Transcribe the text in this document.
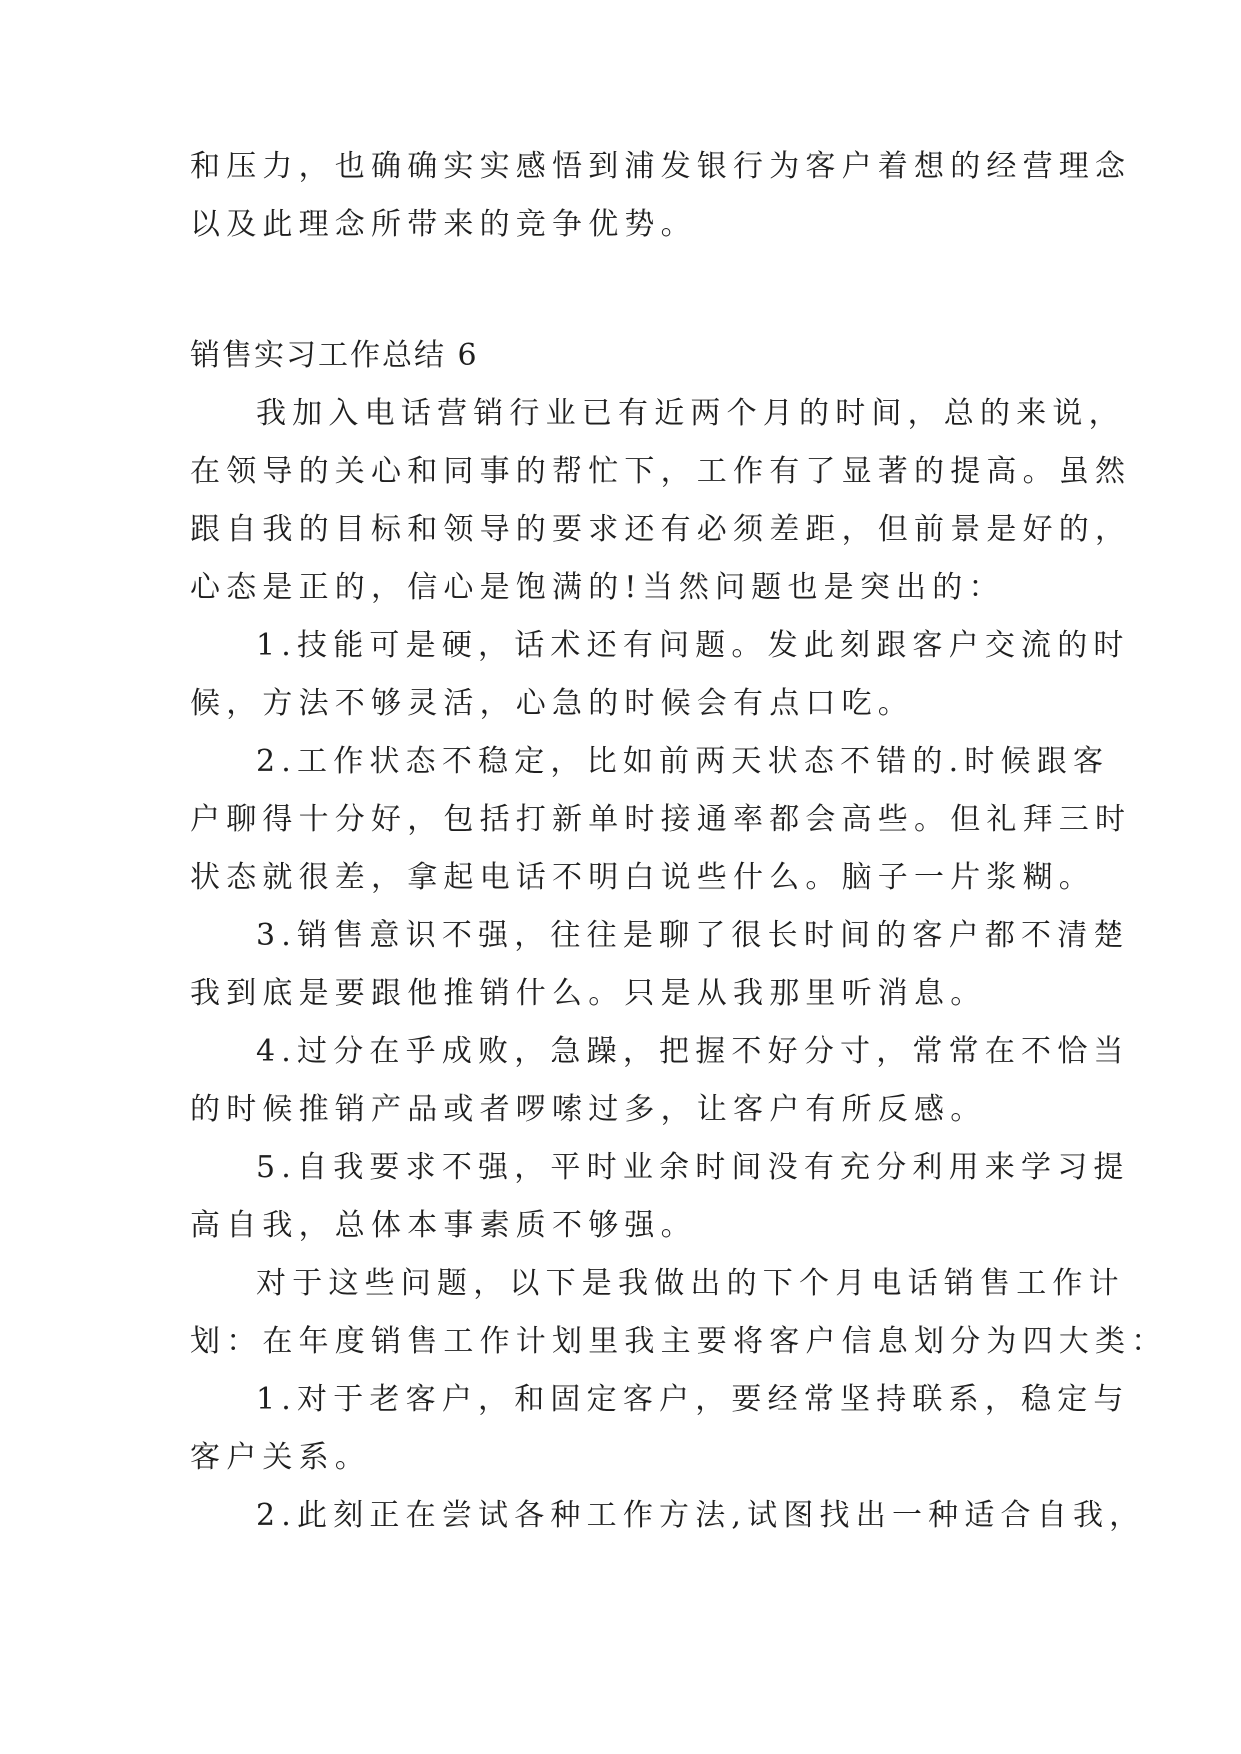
和压力，也确确实实感悟到浦发银行为客户着想的经营理念
以及此理念所带来的竞争优势。
销售实习工作总结 6
我加入电话营销行业已有近两个月的时间，总的来说，
在领导的关心和同事的帮忙下，工作有了显著的提高。虽然
跟自我的目标和领导的要求还有必须差距，但前景是好的，
心态是正的，信心是饱满的!当然问题也是突出的：
1.技能可是硬，话术还有问题。发此刻跟客户交流的时
候，方法不够灵活，心急的时候会有点口吃。
2.工作状态不稳定，比如前两天状态不错的.时候跟客
户聊得十分好，包括打新单时接通率都会高些。但礼拜三时
状态就很差，拿起电话不明白说些什么。脑子一片浆糊。
3.销售意识不强，往往是聊了很长时间的客户都不清楚
我到底是要跟他推销什么。只是从我那里听消息。
4.过分在乎成败，急躁，把握不好分寸，常常在不恰当
的时候推销产品或者啰嗦过多，让客户有所反感。
5.自我要求不强，平时业余时间没有充分利用来学习提
高自我，总体本事素质不够强。
对于这些问题，以下是我做出的下个月电话销售工作计
划：在年度销售工作计划里我主要将客户信息划分为四大类：
1.对于老客户，和固定客户，要经常坚持联系，稳定与
客户关系。
2.此刻正在尝试各种工作方法,试图找出一种适合自我，
